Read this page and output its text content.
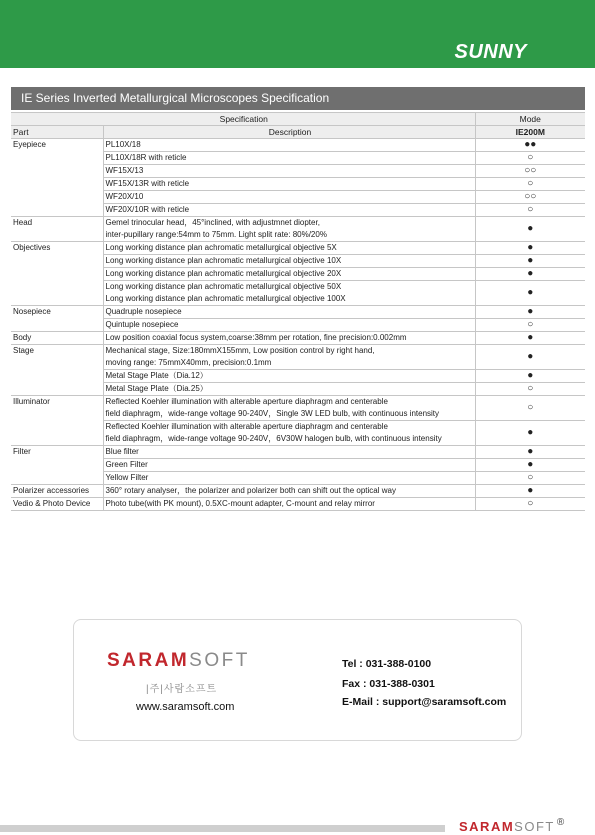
SUNNY
IE Series Inverted Metallurgical Microscopes Specification
Specification		Mode
Part	Description	IE200M
Eyepiece	PL10X/18	●●

	PL10X/18R with reticle	○

	WF15X/13	○○

	WF15X/13R with reticle	○

	WF20X/10	○○

	WF20X/10R with reticle	○
Head	Gemel trinocular head，45°inclined, with adjustmnet diopter,
inter-pupillary range:54mm to 75mm. Light split rate: 80%/20%	●
Objectives	Long working distance plan achromatic metallurgical objective 5X	●

	Long working distance plan achromatic metallurgical objective 10X	●

	Long working distance plan achromatic metallurgical objective 20X	●

	Long working distance plan achromatic metallurgical objective 50X
Long working distance plan achromatic metallurgical objective 100X	●
Nosepiece	Quadruple nosepiece	●

	Quintuple nosepiece	○
Body	Low position coaxial focus system,coarse:38mm per rotation, fine precision:0.002mm	●
Stage	Mechanical stage, Size:180mmX155mm, Low position control by right hand,
moving range: 75mmX40mm, precision:0.1mm	●

	Metal Stage Plate（Dia.12）	●

	Metal Stage Plate（Dia.25）	○
Illuminator	Reflected Koehler illumination with alterable aperture diaphragm and centerable
field diaphragm，wide-range voltage 90-240V，Single 3W LED bulb, with continuous intensity	○

	Reflected Koehler illumination with alterable aperture diaphragm and centerable
field diaphragm，wide-range voltage 90-240V，6V30W halogen bulb, with continuous intensity	●
Filter	Blue filter	●

	Green Filter	●

	Yellow Filter	○
Polarizer accessories	360° rotary analyser，the polarizer and polarizer both can shift out the optical way	●
Vedio & Photo Device	Photo tube(with PK mount), 0.5XC-mount adapter, C-mount and relay mirror	○
SARAMSOFT
|주|사람소프트
www.saramsoft.com
Tel : 031-388-0100
Fax : 031-388-0301
E-Mail : support@saramsoft.com
SARAMSOFT ®
